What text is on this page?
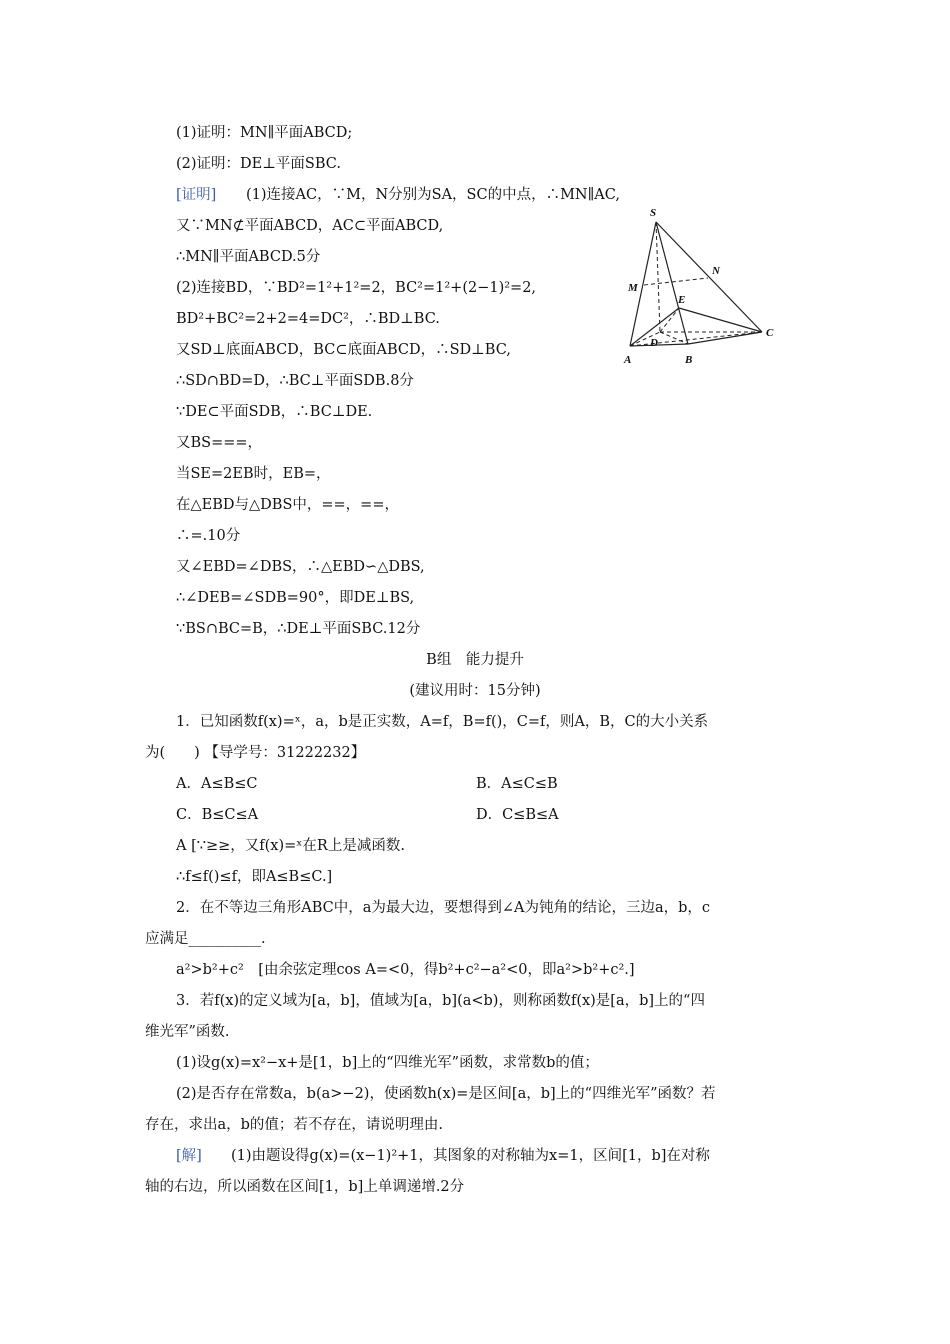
(1)证明：MN∥平面ABCD;
(2)证明：DE⊥平面SBC.
[证明] (1)连接AC，∵M，N分别为SA，SC的中点，∴MN∥AC,
又∵MN⊄平面ABCD，AC⊂平面ABCD,
∴MN∥平面ABCD.5分
(2)连接BD，∵BD²=1²+1²=2，BC²=1²+(2−1)²=2,
BD²+BC²=2+2=4=DC²，∴BD⊥BC.
又SD⊥底面ABCD，BC⊂底面ABCD，∴SD⊥BC,
∴SD∩BD=D，∴BC⊥平面SDB.8分
∵DE⊂平面SDB，∴BC⊥DE.
又BS===，
当SE=2EB时，EB=，
在△EBD与△DBS中，==，==，
∴=.10分
又∠EBD=∠DBS，∴△EBD∽△DBS,
∴∠DEB=∠SDB=90°，即DE⊥BS,
∵BS∩BC=B，∴DE⊥平面SBC.12分
B组　能力提升
(建议用时：15分钟)
1．已知函数f(x)=ˣ，a，b是正实数，A=f，B=f()，C=f，则A，B，C的大小关系
为(　　) 【导学号：31222232】
A．A≤B≤C	B．A≤C≤B
C．B≤C≤A	D．C≤B≤A
A [∵≥≥，又f(x)=ˣ在R上是减函数.
∴f≤f()≤f，即A≤B≤C.]
2．在不等边三角形ABC中，a为最大边，要想得到∠A为钝角的结论，三边a，b，c
应满足__________.
a²>b²+c²　[由余弦定理cos A=<0，得b²+c²−a²<0，即a²>b²+c².]
3．若f(x)的定义域为[a，b]，值域为[a，b](a<b)，则称函数f(x)是[a，b]上的“四
维光军”函数.
(1)设g(x)=x²−x+是[1，b]上的“四维光军”函数，求常数b的值；
(2)是否存在常数a，b(a>−2)，使函数h(x)=是区间[a，b]上的“四维光军”函数？若
存在，求出a，b的值；若不存在，请说明理由.
[解] (1)由题设得g(x)=(x−1)²+1，其图象的对称轴为x=1，区间[1，b]在对称
轴的右边，所以函数在区间[1，b]上单调递增.2分
S
N
M
E
C
D
A	B
